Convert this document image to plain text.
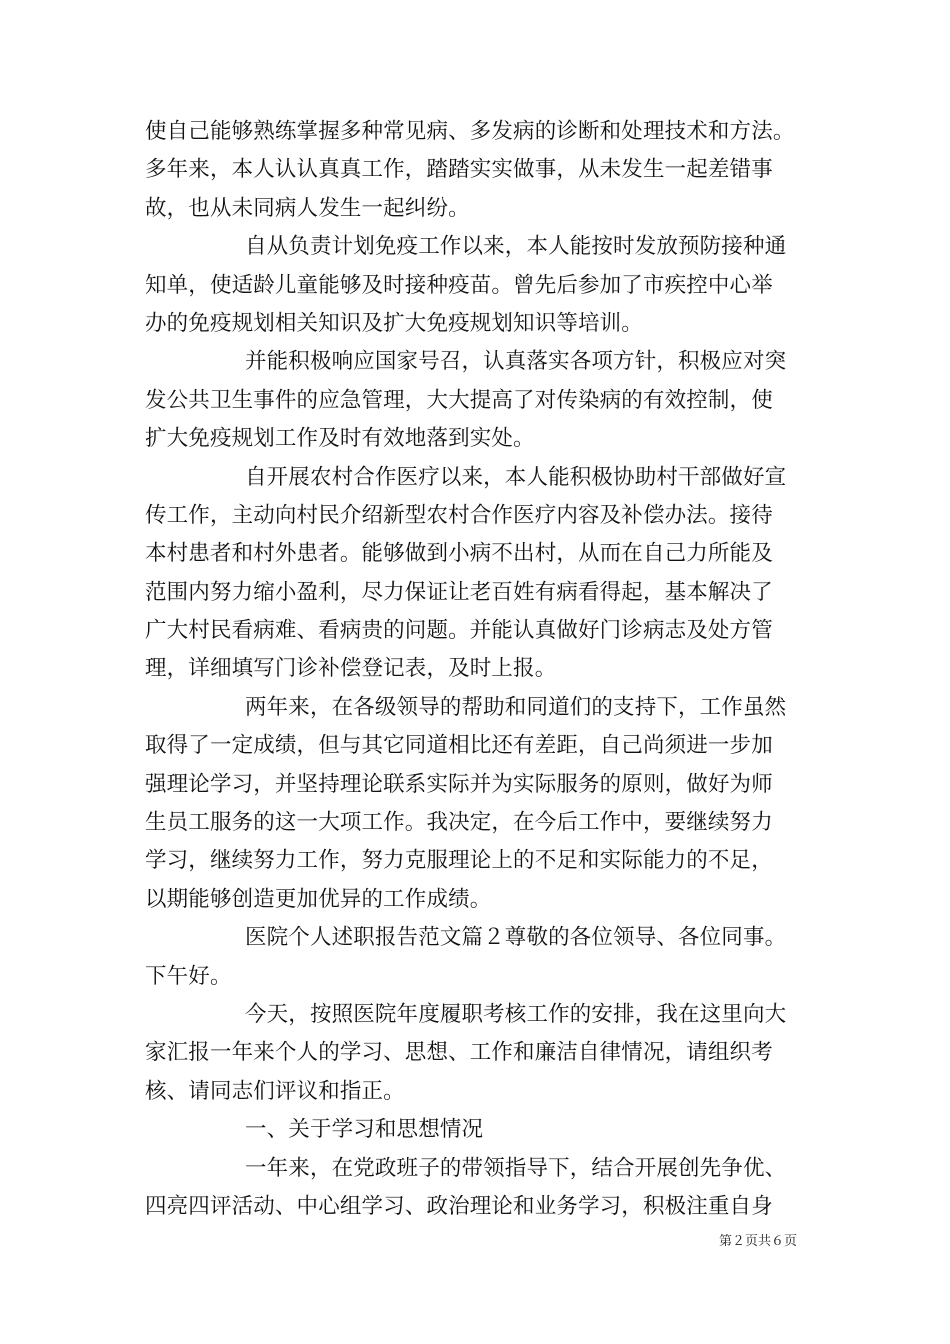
使自己能够熟练掌握多种常见病、多发病的诊断和处理技术和方法。
多年来，本人认认真真工作，踏踏实实做事，从未发生一起差错事
故，也从未同病人发生一起纠纷。
自从负责计划免疫工作以来，本人能按时发放预防接种通
知单，使适龄儿童能够及时接种疫苗。曾先后参加了市疾控中心举
办的免疫规划相关知识及扩大免疫规划知识等培训。
并能积极响应国家号召，认真落实各项方针，积极应对突
发公共卫生事件的应急管理，大大提高了对传染病的有效控制，使
扩大免疫规划工作及时有效地落到实处。
自开展农村合作医疗以来，本人能积极协助村干部做好宣
传工作，主动向村民介绍新型农村合作医疗内容及补偿办法。接待
本村患者和村外患者。能够做到小病不出村，从而在自己力所能及
范围内努力缩小盈利，尽力保证让老百姓有病看得起，基本解决了
广大村民看病难、看病贵的问题。并能认真做好门诊病志及处方管
理，详细填写门诊补偿登记表，及时上报。
两年来，在各级领导的帮助和同道们的支持下，工作虽然
取得了一定成绩，但与其它同道相比还有差距，自己尚须进一步加
强理论学习，并坚持理论联系实际并为实际服务的原则，做好为师
生员工服务的这一大项工作。我决定，在今后工作中，要继续努力
学习，继续努力工作，努力克服理论上的不足和实际能力的不足，
以期能够创造更加优异的工作成绩。
医院个人述职报告范文篇２尊敬的各位领导、各位同事。
下午好。
今天，按照医院年度履职考核工作的安排，我在这里向大
家汇报一年来个人的学习、思想、工作和廉洁自律情况，请组织考
核、请同志们评议和指正。
一、关于学习和思想情况
一年来，在党政班子的带领指导下，结合开展创先争优、
四亮四评活动、中心组学习、政治理论和业务学习，积极注重自身
第２页共６页
